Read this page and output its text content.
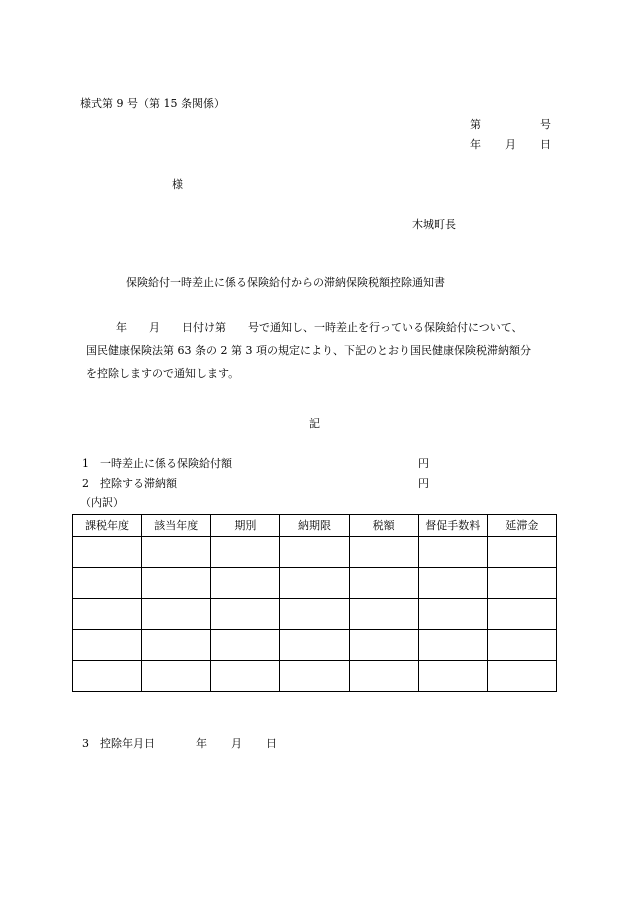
様式第 9 号（第 15 条関係）
第	号
年 月 日
様
木城町長
保険給付一時差止に係る保険給付からの滞納保険税額控除通知書

年　　月　　日付け第　　号で通知し、一時差止を行っている保険給付について、

国民健康保険法第 63 条の 2 第 3 項の規定により、下記のとおり国民健康保険税滞納額分

を控除しますので通知します。

記
1 一時差止に係る保険給付額	円
2 控除する滞納額	円
（内訳）
課税年度	該当年度	期別	納期限	税額	督促手数料	延滞金

3 控除年月日	年 月 日
